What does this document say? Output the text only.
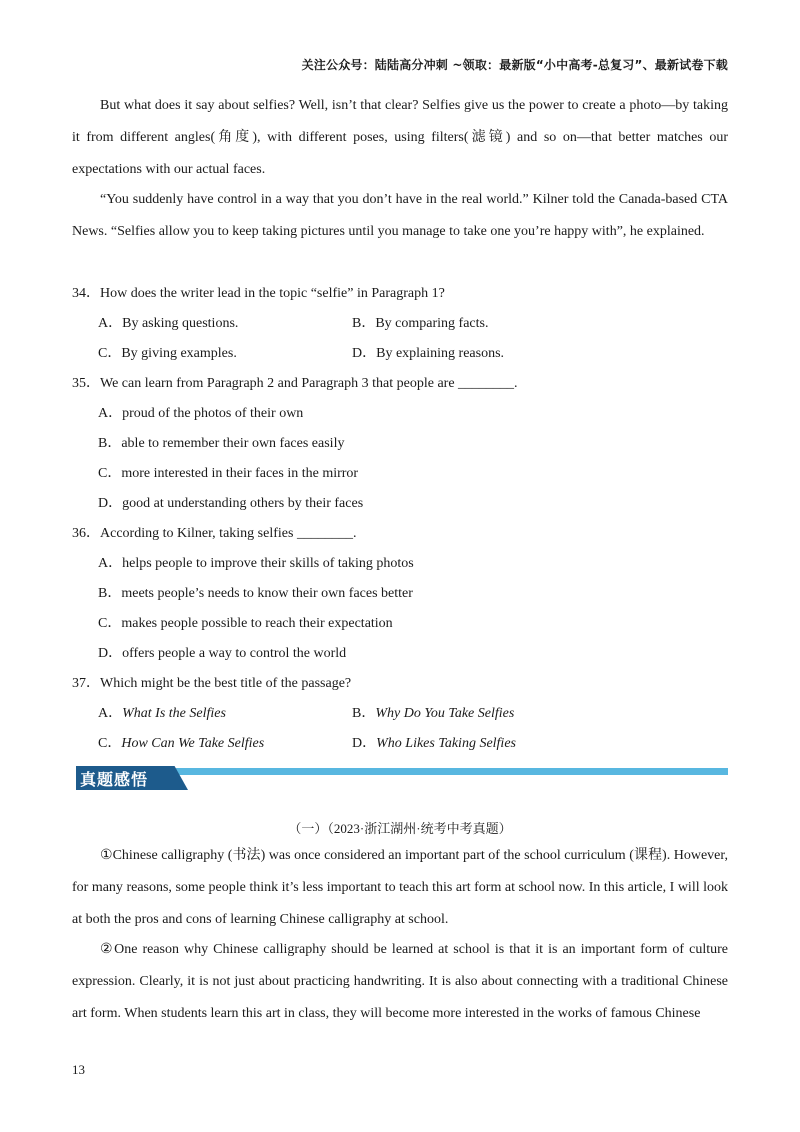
关注公众号：陆陆高分冲刺 ~领取：最新版“小中高考-总复习”、最新试卷下载

But what does it say about selfies? Well, isn’t that clear? Selfies give us the power to create a photo—by taking it from different angles(角度), with different poses, using filters(滤镜) and so on—that better matches our expectations with our actual faces.

“You suddenly have control in a way that you don’t have in the real world.” Kilner told the Canada-based CTA News. “Selfies allow you to keep taking pictures until you manage to take one you’re happy with”, he explained.

34．How does the writer lead in the topic “selfie” in Paragraph 1?
A．By asking questions.	B．By comparing facts.
C．By giving examples.	D．By explaining reasons.
35．We can learn from Paragraph 2 and Paragraph 3 that people are ________.
A．proud of the photos of their own
B．able to remember their own faces easily
C．more interested in their faces in the mirror
D．good at understanding others by their faces
36．According to Kilner, taking selfies ________.
A．helps people to improve their skills of taking photos
B．meets people’s needs to know their own faces better
C．makes people possible to reach their expectation
D．offers people a way to control the world
37．Which might be the best title of the passage?
A．What Is the Selfies	B．Why Do You Take Selfies
C．How Can We Take Selfies	D．Who Likes Taking Selfies
真题感悟
（一）（2023·浙江湖州·统考中考真题）

①Chinese calligraphy (书法) was once considered an important part of the school curriculum (课程). However, for many reasons, some people think it’s less important to teach this art form at school now. In this article, I will look at both the pros and cons of learning Chinese calligraphy at school.

②One reason why Chinese calligraphy should be learned at school is that it is an important form of culture expression. Clearly, it is not just about practicing handwriting. It is also about connecting with a traditional Chinese art form. When students learn this art in class, they will become more interested in the works of famous Chinese

13
